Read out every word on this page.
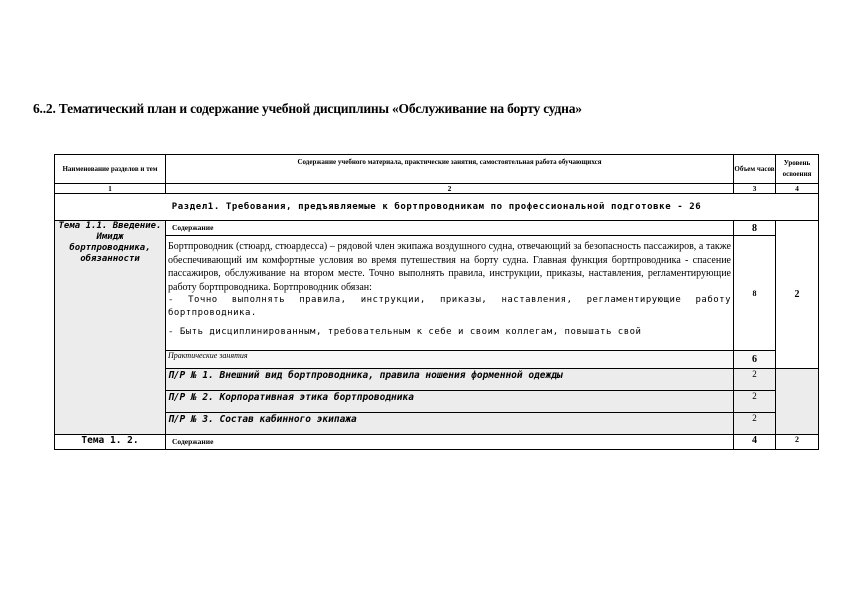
6..2. Тематический план и содержание учебной дисциплины «Обслуживание на борту судна»
Наименование разделов и тем	Содержание учебного материала, практические занятия, самостоятельная работа обучающихся	Объем часов	Уровень освоения
1	2	3	4
Раздел1. Требования, предъявляемые к бортпроводникам по профессиональной подготовке - 26			
Тема 1.1. Введение. Имидж бортпроводника, обязанности	Содержание	8	2

	Бортпроводник (стюард, стюардесса) – рядовой член экипажа воздушного судна, отвечающий за безопасность пассажиров, а также обеспечивающий им комфортные условия во время путешествия на борту судна. Главная функция бортпроводника - спасение пассажиров, обслуживание на втором месте. Точно выполнять правила, инструкции, приказы, наставления, регламентирующие работу бортпроводника. Бортпроводник обязан:

- Точно выполнять правила, инструкции, приказы, наставления, регламентирующие работу бортпроводника.

- Быть дисциплинированным, требовательным к себе и своим коллегам, повышать свой	8	
	Практические занятия	6	
	П/Р № 1. Внешний вид бортпроводника, правила ношения форменной одежды	2	
	П/Р № 2. Корпоративная этика бортпроводника	2	
	П/Р № 3. Состав кабинного экипажа	2	
Тема 1. 2.	Содержание	4	2
